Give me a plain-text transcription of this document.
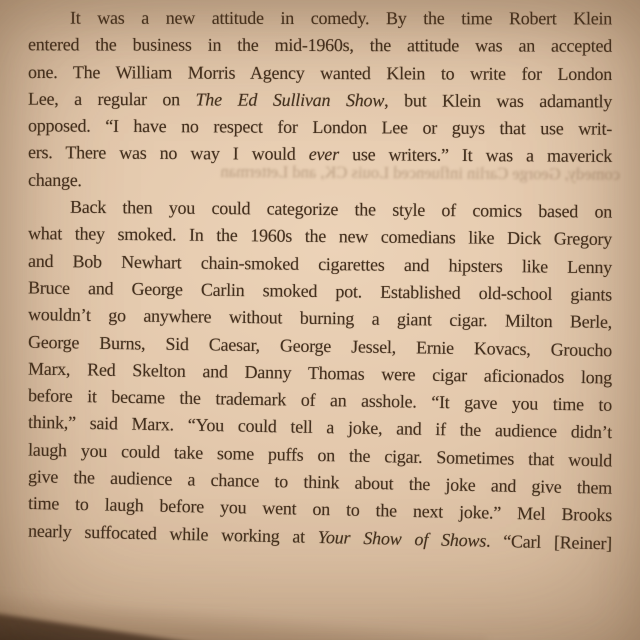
comedy, George Carlin influenced Louis CK, and Letterman
It was a new attitude in comedy. By the time Robert Klein
entered the business in the mid-1960s, the attitude was an accepted
one. The William Morris Agency wanted Klein to write for London
Lee, a regular on The Ed Sullivan Show, but Klein was adamantly
opposed. “I have no respect for London Lee or guys that use writ-
ers. There was no way I would ever use writers.” It was a maverick
change.
Back then you could categorize the style of comics based on
what they smoked. In the 1960s the new comedians like Dick Gregory
and Bob Newhart chain-smoked cigarettes and hipsters like Lenny
Bruce and George Carlin smoked pot. Established old-school giants
wouldn’t go anywhere without burning a giant cigar. Milton Berle,
George Burns, Sid Caesar, George Jessel, Ernie Kovacs, Groucho
Marx, Red Skelton and Danny Thomas were cigar aficionados long
before it became the trademark of an asshole. “It gave you time to
think,” said Marx. “You could tell a joke, and if the audience didn’t
laugh you could take some puffs on the cigar. Sometimes that would
give the audience a chance to think about the joke and give them
time to laugh before you went on to the next joke.” Mel Brooks
nearly suffocated while working at Your Show of Shows. “Carl [Reiner]
